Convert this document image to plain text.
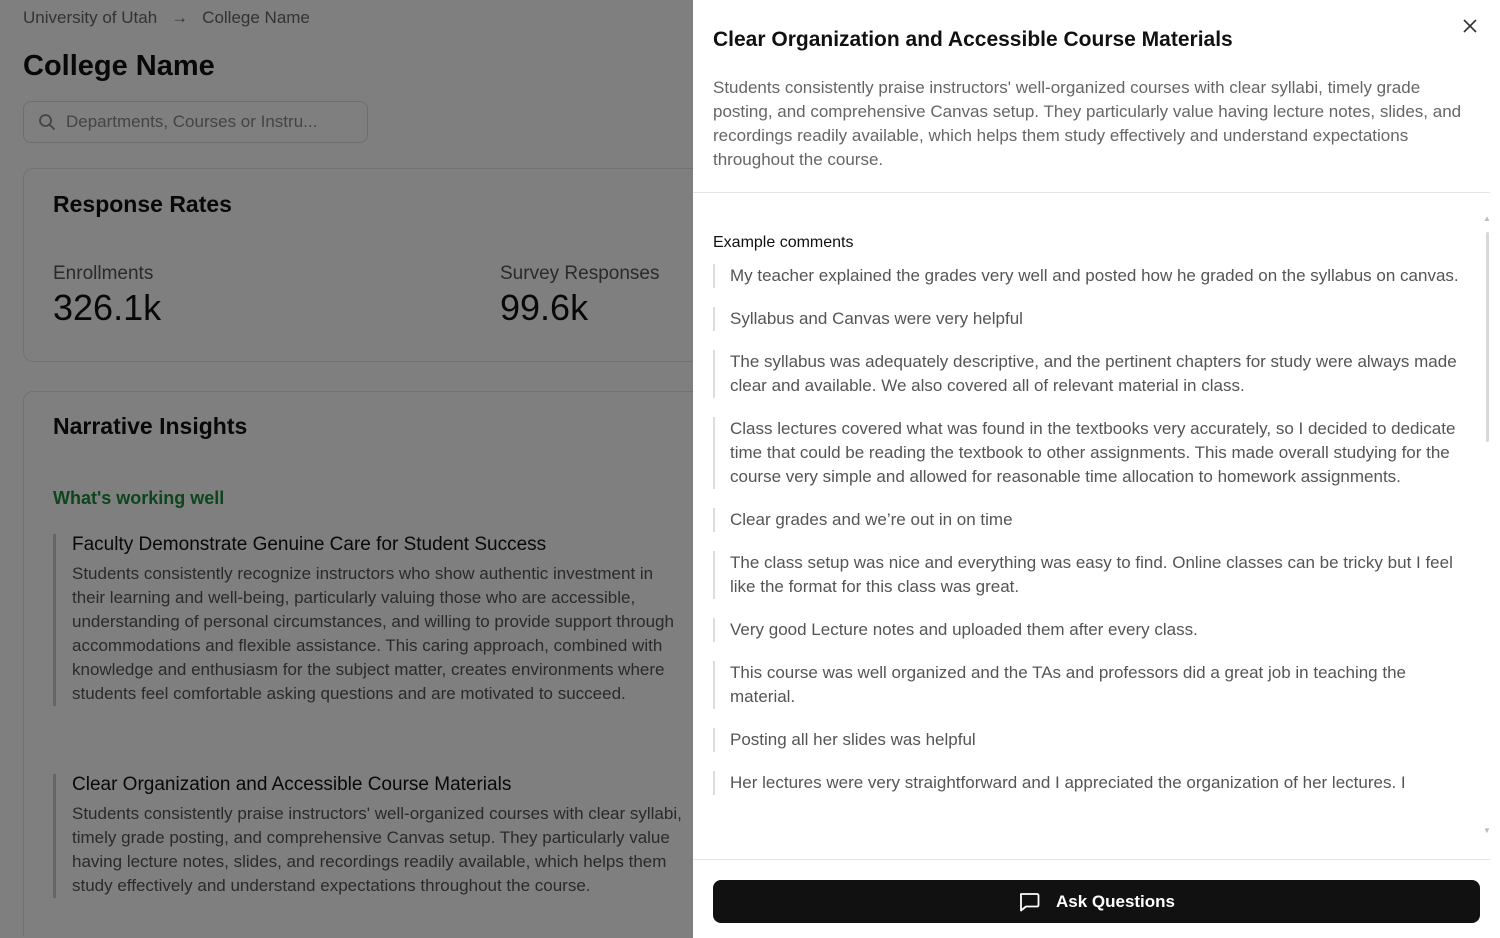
Clear Organization and Accessible Course Materials
Students consistently praise instructors' well-organized courses with clear syllabi, timely grade posting, and comprehensive Canvas setup. They particularly value having lecture notes, slides, and recordings readily available, which helps them study effectively and understand expectations throughout the course.
Example comments
My teacher explained the grades very well and posted how he graded on the syllabus on canvas.
Syllabus and Canvas were very helpful
The syllabus was adequately descriptive, and the pertinent chapters for study were always made clear and available. We also covered all of relevant material in class.
Class lectures covered what was found in the textbooks very accurately, so I decided to dedicate time that could be reading the textbook to other assignments. This made overall studying for the course very simple and allowed for reasonable time allocation to homework assignments.
Clear grades and we’re out in on time
The class setup was nice and everything was easy to find. Online classes can be tricky but I feel like the format for this class was great.
Very good Lecture notes and uploaded them after every class.
This course was well organized and the TAs and professors did a great job in teaching the material.
Posting all her slides was helpful
Her lectures were very straightforward and I appreciated the organization of her lectures. I
▲
▼
Ask Questions
